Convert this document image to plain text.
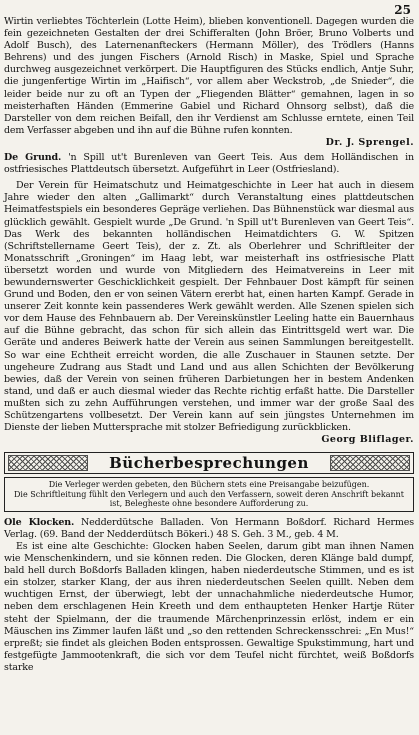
25

Wirtin verliebtes Töchterlein (Lotte Heim), blieben konventionell. Dagegen wurden die fein gezeichneten Gestalten der drei Schifferalten (John Bröer, Bruno Volberts und Adolf Busch), des Laternenanfteckers (Hermann Möller), des Trödlers (Hanns Behrens) und des jungen Fischers (Arnold Risch) in Maske, Spiel und Sprache durchweg ausgezeichnet verkörpert. Die Hauptfiguren des Stücks endlich, Antje Suhr, die jungenfertige Wirtin im „Haifisch“, vor allem aber Weckstrob, „de Snieder“, die leider beide nur zu oft an Typen der „Fliegenden Blätter“ gemahnen, lagen in so meisterhaften Händen (Emmerine Gabiel und Richard Ohnsorg selbst), daß die Darsteller von dem reichen Beifall, den ihr Verdienst am Schlusse erntete, einen Teil dem Verfasser abgeben und ihn auf die Bühne rufen konnten.

Dr. J. Sprengel.

De Grund. 'n Spill ut't Burenleven van Geert Teis. Aus dem Holländischen in ostfriesisches Plattdeutsch übersetzt. Aufgeführt in Leer (Ostfriesland).

Der Verein für Heimatschutz und Heimatgeschichte in Leer hat auch in diesem Jahre wieder den alten „Gallimarkt“ durch Veranstaltung eines plattdeutschen Heimatfestspiels ein besonderes Gepräge verliehen. Das Bühnenstück war diesmal aus glücklich gewählt. Gespielt wurde „De Grund. 'n Spill ut't Burenleven van Geert Teis“. Das Werk des bekannten holländischen Heimatdichters G. W. Spitzen (Schriftstellername Geert Teis), der z. Zt. als Oberlehrer und Schriftleiter der Monatsschrift „Groningen“ im Haag lebt, war meisterhaft ins ostfriesische Platt übersetzt worden und wurde von Mitgliedern des Heimatvereins in Leer mit bewundernswerter Geschicklichkeit gespielt. Der Fehnbauer Dost kämpft für seinen Grund und Boden, den er von seinen Vätern ererbt hat, einen harten Kampf. Gerade in unserer Zeit konnte kein passenderes Werk gewählt werden. Alle Szenen spielen sich vor dem Hause des Fehnbauern ab. Der Vereinskünstler Leeling hatte ein Bauernhaus auf die Bühne gebracht, das schon für sich allein das Eintrittsgeld wert war. Die Geräte und anderes Beiwerk hatte der Verein aus seinen Sammlungen bereitgestellt. So war eine Echtheit erreicht worden, die alle Zuschauer in Staunen setzte. Der ungeheure Zudrang aus Stadt und Land und aus allen Schichten der Bevölkerung bewies, daß der Verein von seinen früheren Darbietungen her in bestem Andenken stand, und daß er auch diesmal wieder das Rechte richtig erfaßt hatte. Die Darsteller mußten sich zu zehn Aufführungen verstehen, und immer war der große Saal des Schützengartens vollbesetzt. Der Verein kann auf sein jüngstes Unternehmen im Dienste der lieben Muttersprache mit stolzer Befriedigung zurückblicken.

Georg Bliflager.
Bücherbesprechungen
Die Verleger werden gebeten, den Büchern stets eine Preisangabe beizufügen.
Die Schriftleitung fühlt den Verlegern und auch den Verfassern, soweit deren Anschrift bekannt ist, Belegheste ohne besondere Aufforderung zu.

Ole Klocken. Nedderdütsche Balladen. Von Hermann Boßdorf. Richard Hermes Verlag. (69. Band der Nedderdütsch Bökeri.) 48 S. Geh. 3 M., geb. 4 M.

Es ist eine alte Geschichte: Glocken haben Seelen, darum gibt man ihnen Namen wie Menschenkindern, und sie können reden. Die Glocken, deren Klänge bald dumpf, bald hell durch Boßdorfs Balladen klingen, haben niederdeutsche Stimmen, und es ist ein stolzer, starker Klang, der aus ihren niederdeutschen Seelen quillt. Neben dem wuchtigen Ernst, der überwiegt, lebt der unnachahmliche niederdeutsche Humor, neben dem erschlagenen Hein Kreeth und dem enthaupteten Henker Hartje Rüter steht der Spielmann, der die traumende Märchenprinzessin erlöst, indem er ein Mäuschen ins Zimmer laufen läßt und „so den rettenden Schreckensschrei: „En Mus!“ erpreßt; sie findet als gleichen Boden entsprossen. Gewaltige Spukstimmung, hart und festgefügte Jammootenkraft, die sich vor dem Teufel nicht fürchtet, weiß Boßdorfs starke
